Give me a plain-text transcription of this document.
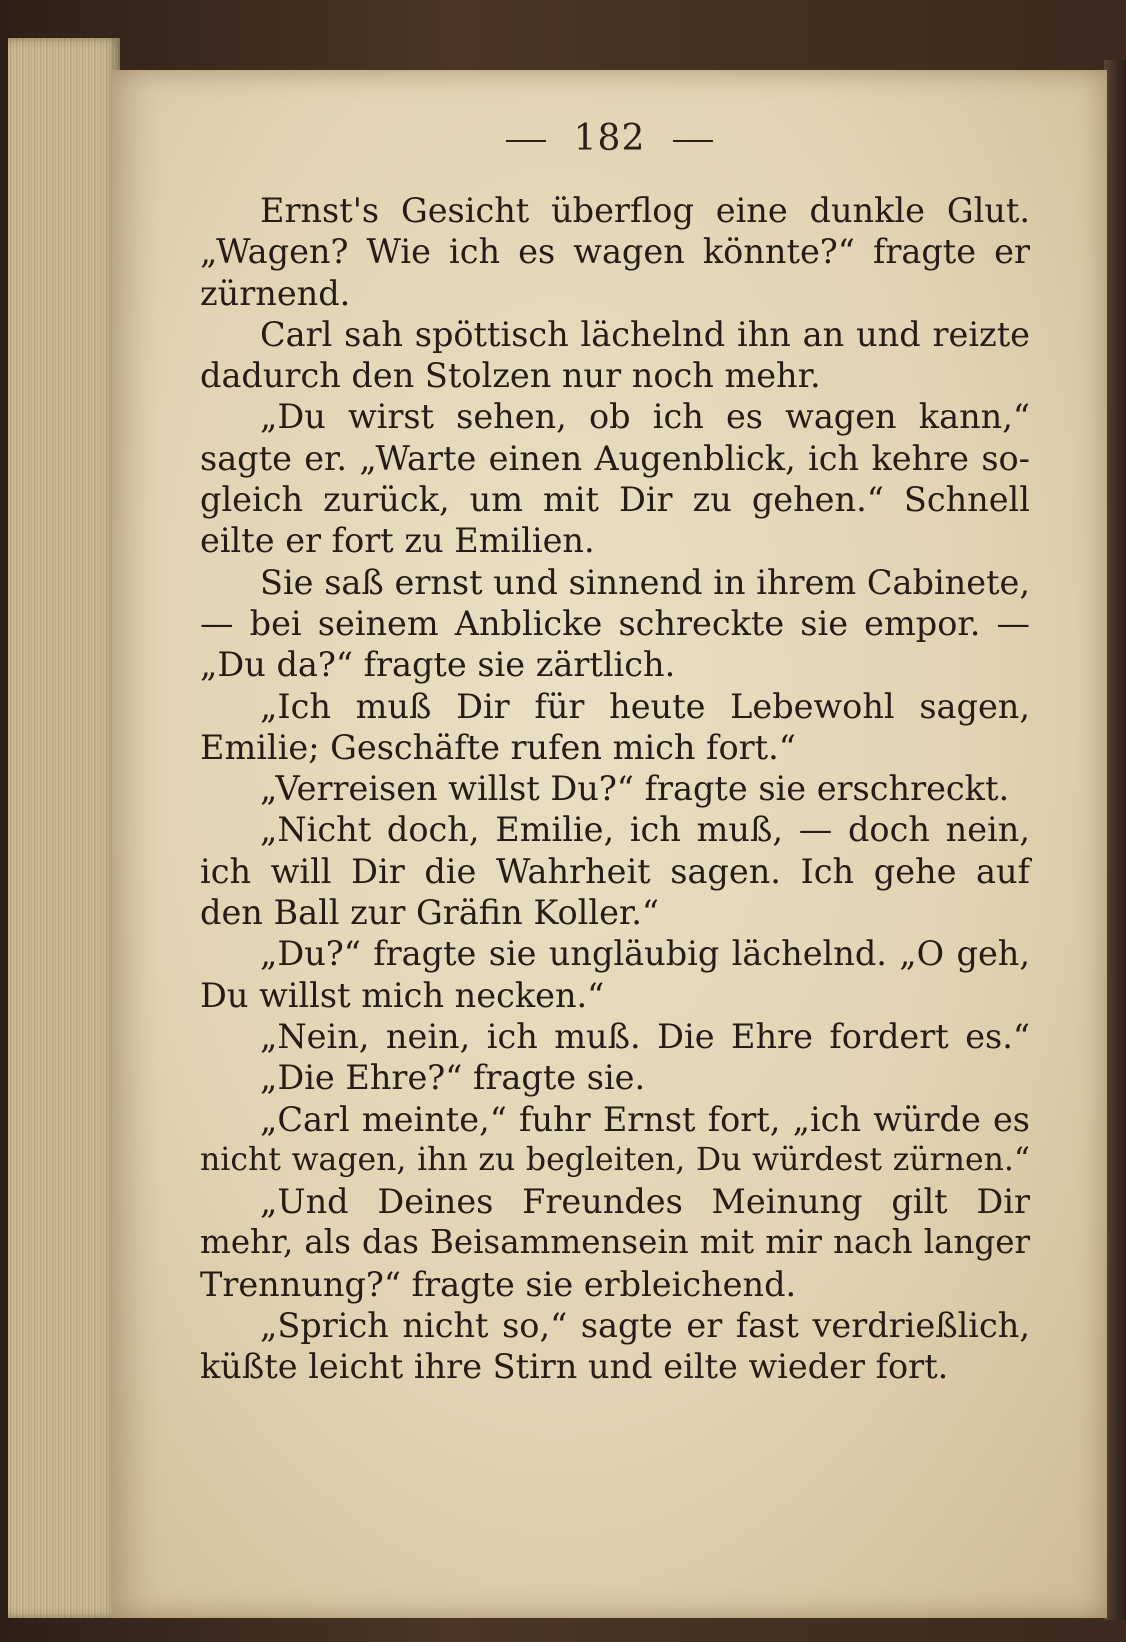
182
Ernst's Gesicht überflog eine dunkle Glut.
„Wagen? Wie ich es wagen könnte?“ fragte er
zürnend.
Carl sah spöttisch lächelnd ihn an und reizte
dadurch den Stolzen nur noch mehr.
„Du wirst sehen, ob ich es wagen kann,“
sagte er. „Warte einen Augenblick, ich kehre so-
gleich zurück, um mit Dir zu gehen.“ Schnell
eilte er fort zu Emilien.
Sie saß ernst und sinnend in ihrem Cabinete,
— bei seinem Anblicke schreckte sie empor. —
„Du da?“ fragte sie zärtlich.
„Ich muß Dir für heute Lebewohl sagen,
Emilie; Geschäfte rufen mich fort.“
„Verreisen willst Du?“ fragte sie erschreckt.
„Nicht doch, Emilie, ich muß, — doch nein,
ich will Dir die Wahrheit sagen. Ich gehe auf
den Ball zur Gräfin Koller.“
„Du?“ fragte sie ungläubig lächelnd. „O geh,
Du willst mich necken.“
„Nein, nein, ich muß. Die Ehre fordert es.“
„Die Ehre?“ fragte sie.
„Carl meinte,“ fuhr Ernst fort, „ich würde es
nicht wagen, ihn zu begleiten, Du würdest zürnen.“
„Und Deines Freundes Meinung gilt Dir
mehr, als das Beisammensein mit mir nach langer
Trennung?“ fragte sie erbleichend.
„Sprich nicht so,“ sagte er fast verdrießlich,
küßte leicht ihre Stirn und eilte wieder fort.
